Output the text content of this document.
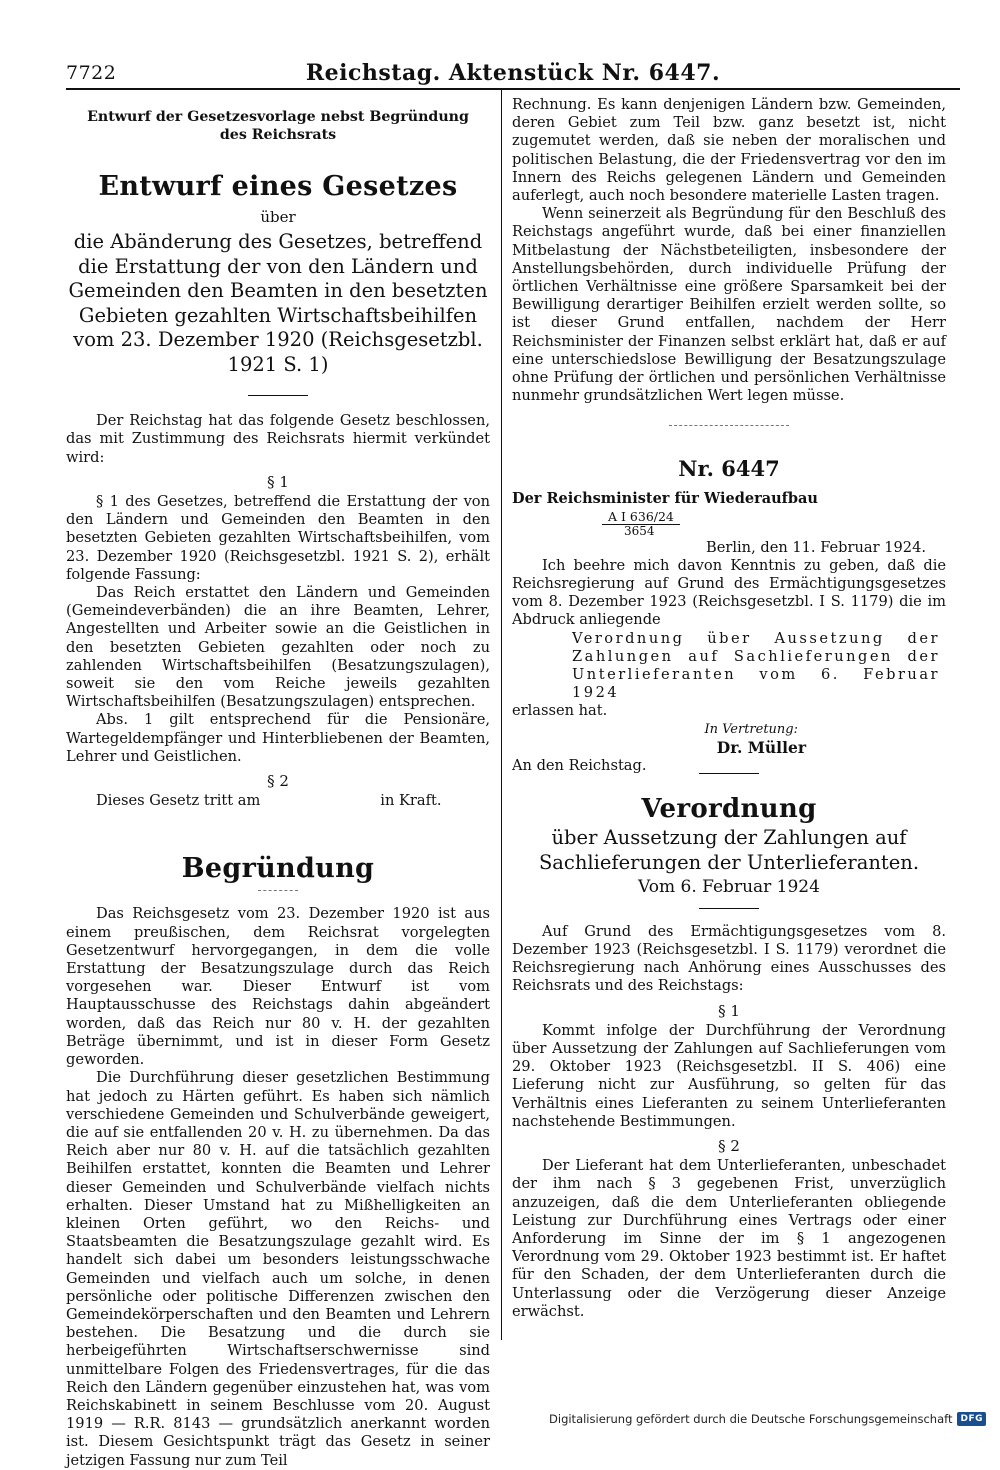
7722	Reichstag. Aktenstück Nr. 6447.

Entwurf der Gesetzesvorlage nebst Begründung des Reichsrats

Entwurf eines Gesetzes

über

die Abänderung des Gesetzes, betreffend die Erstattung der von den Ländern und Gemeinden den Beamten in den besetzten Gebieten gezahlten Wirtschaftsbeihilfen vom 23. Dezember 1920 (Reichsgesetzbl. 1921 S. 1)

Der Reichstag hat das folgende Gesetz beschlossen, das mit Zustimmung des Reichsrats hiermit verkündet wird:

§ 1

§ 1 des Gesetzes, betreffend die Erstattung der von den Ländern und Gemeinden den Beamten in den besetzten Gebieten gezahlten Wirtschaftsbeihilfen, vom 23. Dezember 1920 (Reichsgesetzbl. 1921 S. 2), erhält folgende Fassung:

Das Reich erstattet den Ländern und Gemeinden (Gemeindeverbänden) die an ihre Beamten, Lehrer, Angestellten und Arbeiter sowie an die Geistlichen in den besetzten Gebieten gezahlten oder noch zu zahlenden Wirtschaftsbeihilfen (Besatzungszulagen), soweit sie den vom Reiche jeweils gezahlten Wirtschaftsbeihilfen (Besatzungszulagen) entsprechen.

Abs. 1 gilt entsprechend für die Pensionäre, Wartegeldempfänger und Hinterbliebenen der Beamten, Lehrer und Geistlichen.

§ 2

Dieses Gesetz tritt am	in Kraft.

Begründung

Das Reichsgesetz vom 23. Dezember 1920 ist aus einem preußischen, dem Reichsrat vorgelegten Gesetzentwurf hervorgegangen, in dem die volle Erstattung der Besatzungszulage durch das Reich vorgesehen war. Dieser Entwurf ist vom Hauptausschusse des Reichstags dahin abgeändert worden, daß das Reich nur 80 v. H. der gezahlten Beträge übernimmt, und ist in dieser Form Gesetz geworden.

Die Durchführung dieser gesetzlichen Bestimmung hat jedoch zu Härten geführt. Es haben sich nämlich verschiedene Gemeinden und Schulverbände geweigert, die auf sie entfallenden 20 v. H. zu übernehmen. Da das Reich aber nur 80 v. H. auf die tatsächlich gezahlten Beihilfen erstattet, konnten die Beamten und Lehrer dieser Gemeinden und Schulverbände vielfach nichts erhalten. Dieser Umstand hat zu Mißhelligkeiten an kleinen Orten geführt, wo den Reichs- und Staatsbeamten die Besatzungszulage gezahlt wird. Es handelt sich dabei um besonders leistungsschwache Gemeinden und vielfach auch um solche, in denen persönliche oder politische Differenzen zwischen den Gemeindekörperschaften und den Beamten und Lehrern bestehen. Die Besatzung und die durch sie herbeigeführten Wirtschaftserschwernisse sind unmittelbare Folgen des Friedensvertrages, für die das Reich den Ländern gegenüber einzustehen hat, was vom Reichskabinett in seinem Beschlusse vom 20. August 1919 — R.R. 8143 — grundsätzlich anerkannt worden ist. Diesem Gesichtspunkt trägt das Gesetz in seiner jetzigen Fassung nur zum Teil

Rechnung. Es kann denjenigen Ländern bzw. Gemeinden, deren Gebiet zum Teil bzw. ganz besetzt ist, nicht zugemutet werden, daß sie neben der moralischen und politischen Belastung, die der Friedensvertrag vor den im Innern des Reichs gelegenen Ländern und Gemeinden auferlegt, auch noch besondere materielle Lasten tragen.

Wenn seinerzeit als Begründung für den Beschluß des Reichstags angeführt wurde, daß bei einer finanziellen Mitbelastung der Nächstbeteiligten, insbesondere der Anstellungsbehörden, durch individuelle Prüfung der örtlichen Verhältnisse eine größere Sparsamkeit bei der Bewilligung derartiger Beihilfen erzielt werden sollte, so ist dieser Grund entfallen, nachdem der Herr Reichsminister der Finanzen selbst erklärt hat, daß er auf eine unterschiedslose Bewilligung der Besatzungszulage ohne Prüfung der örtlichen und persönlichen Verhältnisse nunmehr grundsätzlichen Wert legen müsse.

Nr. 6447

Der Reichsminister für Wiederaufbau

A I 636/24

3654

Berlin, den 11. Februar 1924.

Ich beehre mich davon Kenntnis zu geben, daß die Reichsregierung auf Grund des Ermächtigungsgesetzes vom 8. Dezember 1923 (Reichsgesetzbl. I S. 1179) die im Abdruck anliegende

Verordnung über Aussetzung der Zahlungen auf Sachlieferungen der Unterlieferanten vom 6. Februar 1924

erlassen hat.

In Vertretung:

Dr. Müller

An den Reichstag.

Verordnung

über Aussetzung der Zahlungen auf Sachlieferungen der Unterlieferanten.

Vom 6. Februar 1924

Auf Grund des Ermächtigungsgesetzes vom 8. Dezember 1923 (Reichsgesetzbl. I S. 1179) verordnet die Reichsregierung nach Anhörung eines Ausschusses des Reichsrats und des Reichstags:

§ 1

Kommt infolge der Durchführung der Verordnung über Aussetzung der Zahlungen auf Sachlieferungen vom 29. Oktober 1923 (Reichsgesetzbl. II S. 406) eine Lieferung nicht zur Ausführung, so gelten für das Verhältnis eines Lieferanten zu seinem Unterlieferanten nachstehende Bestimmungen.

§ 2

Der Lieferant hat dem Unterlieferanten, unbeschadet der ihm nach § 3 gegebenen Frist, unverzüglich anzuzeigen, daß die dem Unterlieferanten obliegende Leistung zur Durchführung eines Vertrags oder einer Anforderung im Sinne der im § 1 angezogenen Verordnung vom 29. Oktober 1923 bestimmt ist. Er haftet für den Schaden, der dem Unterlieferanten durch die Unterlassung oder die Verzögerung dieser Anzeige erwächst.

Digitalisierung gefördert durch die Deutsche Forschungsgemeinschaft DFG
